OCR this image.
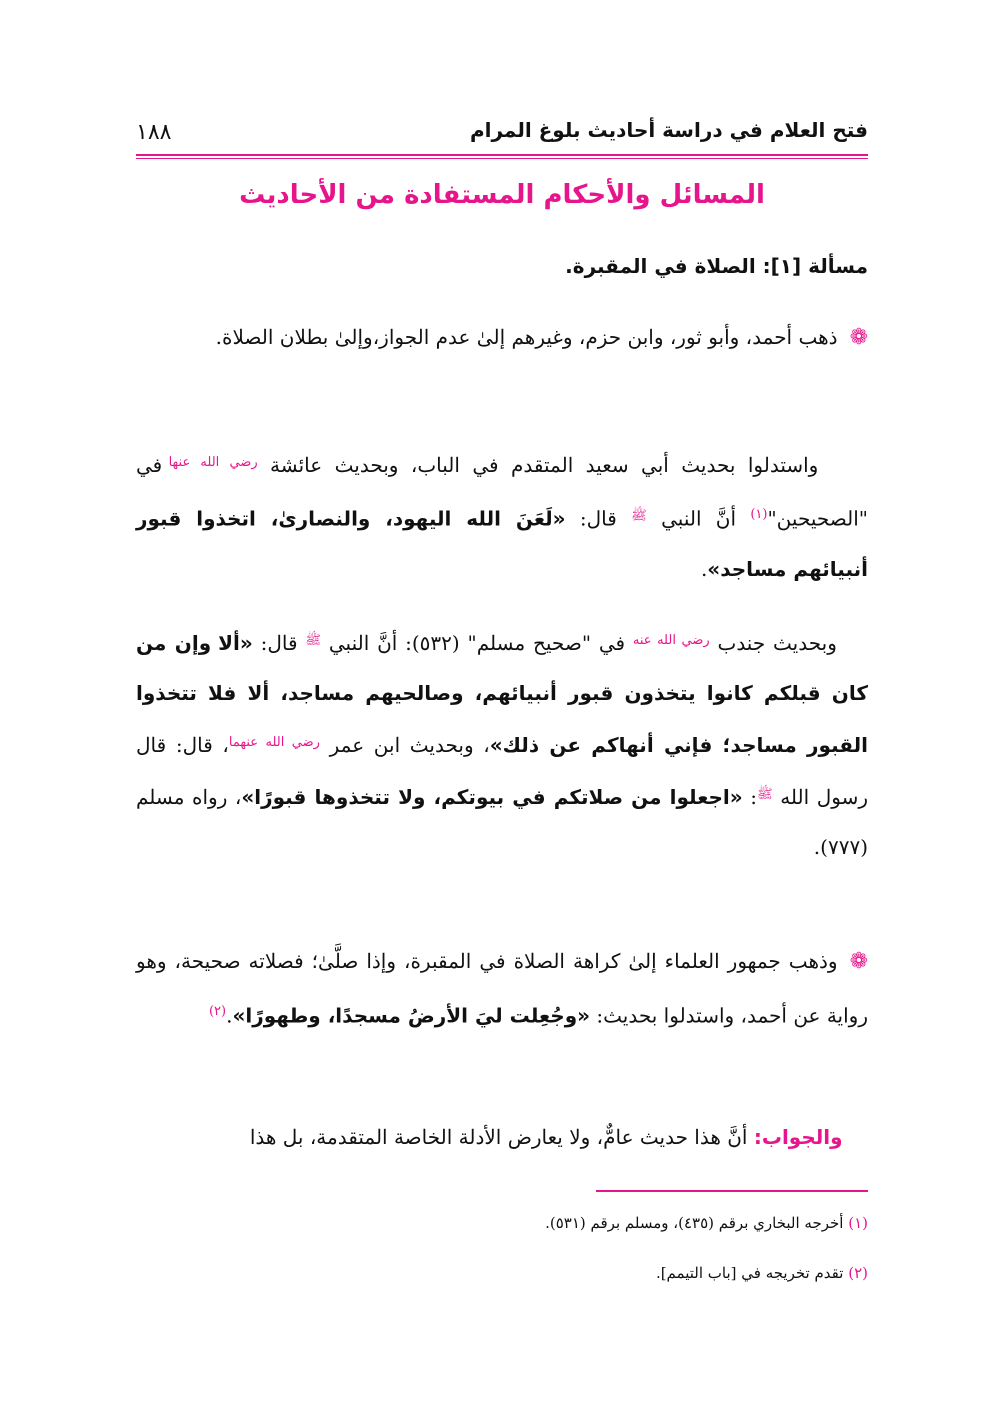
فتح العلام في دراسة أحاديث بلوغ المرام
١٨٨
المسائل والأحكام المستفادة من الأحاديث
مسألة [١]: الصلاة في المقبرة.
❁ذهب أحمد، وأبو ثور، وابن حزم، وغيرهم إلىٰ عدم الجواز،وإلىٰ بطلان الصلاة.
واستدلوا بحديث أبي سعيد المتقدم في الباب، وبحديث عائشة $^{رضي الله عنها}$ في "الصحيحين"$^{(١)}$ أنَّ النبي $^ﷺ$ قال: «لَعَنَ الله اليهود، والنصارىٰ، اتخذوا قبور أنبيائهم مساجد».
وبحديث جندب $^{رضي الله عنه}$ في "صحيح مسلم" (٥٣٢): أنَّ النبي $^ﷺ$ قال: «ألا وإن من كان قبلكم كانوا يتخذون قبور أنبيائهم، وصالحيهم مساجد، ألا فلا تتخذوا القبور مساجد؛ فإني أنهاكم عن ذلك»، وبحديث ابن عمر $^{رضي الله عنهما}$، قال: قال رسول الله $^ﷺ$: «اجعلوا من صلاتكم في بيوتكم، ولا تتخذوها قبورًا»، رواه مسلم (٧٧٧).
❁وذهب جمهور العلماء إلىٰ كراهة الصلاة في المقبرة، وإذا صلَّىٰ؛ فصلاته صحيحة، وهو رواية عن أحمد، واستدلوا بحديث: «وجُعِلت ليَ الأرضُ مسجدًا، وطهورًا».$^{(٢)}$
والجواب: أنَّ هذا حديث عامٌّ، ولا يعارض الأدلة الخاصة المتقدمة، بل هذا
(١) أخرجه البخاري برقم (٤٣٥)، ومسلم برقم (٥٣١).
(٢) تقدم تخريجه في [باب التيمم].
